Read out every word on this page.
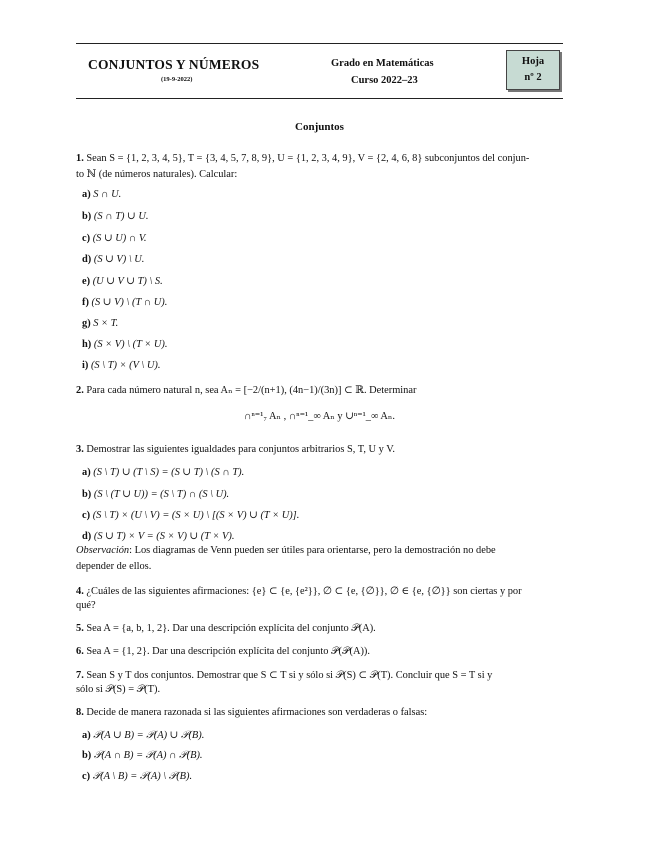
CONJUNTOS Y NÚMEROS
(19-9-2022)
Grado en Matemáticas
Curso 2022–23
Hoja
nº 2
Conjuntos
1. Sean S = {1, 2, 3, 4, 5}, T = {3, 4, 5, 7, 8, 9}, U = {1, 2, 3, 4, 9}, V = {2, 4, 6, 8} subconjuntos del conjun-
to ℕ (de números naturales). Calcular:
a) S ∩ U.
b) (S ∩ T) ∪ U.
c) (S ∪ U) ∩ V.
d) (S ∪ V) \ U.
e) (U ∪ V ∪ T) \ S.
f) (S ∪ V) \ (T ∩ U).
g) S × T.
h) (S × V) \ (T × U).
i) (S \ T) × (V \ U).
2. Para cada número natural n, sea Aₙ = [−2/(n+1), (4n−1)/(3n)] ⊂ ℝ. Determinar
∩ⁿ⁼¹₇ Aₙ , ∩ⁿ⁼¹_∞ Aₙ y ∪ⁿ⁼¹_∞ Aₙ.
3. Demostrar las siguientes igualdades para conjuntos arbitrarios S, T, U y V.
a) (S \ T) ∪ (T \ S) = (S ∪ T) \ (S ∩ T).
b) (S \ (T ∪ U)) = (S \ T) ∩ (S \ U).
c) (S \ T) × (U \ V) = (S × U) \ [(S × V) ∪ (T × U)].
d) (S ∪ T) × V = (S × V) ∪ (T × V).
Observación: Los diagramas de Venn pueden ser útiles para orientarse, pero la demostración no debe
depender de ellos.
4. ¿Cuáles de las siguientes afirmaciones: {e} ⊂ {e, {e²}}, ∅ ⊂ {e, {∅}}, ∅ ∈ {e, {∅}} son ciertas y por
qué?
5. Sea A = {a, b, 1, 2}. Dar una descripción explícita del conjunto 𝒫(A).
6. Sea A = {1, 2}. Dar una descripción explícita del conjunto 𝒫(𝒫(A)).
7. Sean S y T dos conjuntos. Demostrar que S ⊂ T si y sólo si 𝒫(S) ⊂ 𝒫(T). Concluir que S = T si y
sólo si 𝒫(S) = 𝒫(T).
8. Decide de manera razonada si las siguientes afirmaciones son verdaderas o falsas:
a) 𝒫(A ∪ B) = 𝒫(A) ∪ 𝒫(B).
b) 𝒫(A ∩ B) = 𝒫(A) ∩ 𝒫(B).
c) 𝒫(A \ B) = 𝒫(A) \ 𝒫(B).
